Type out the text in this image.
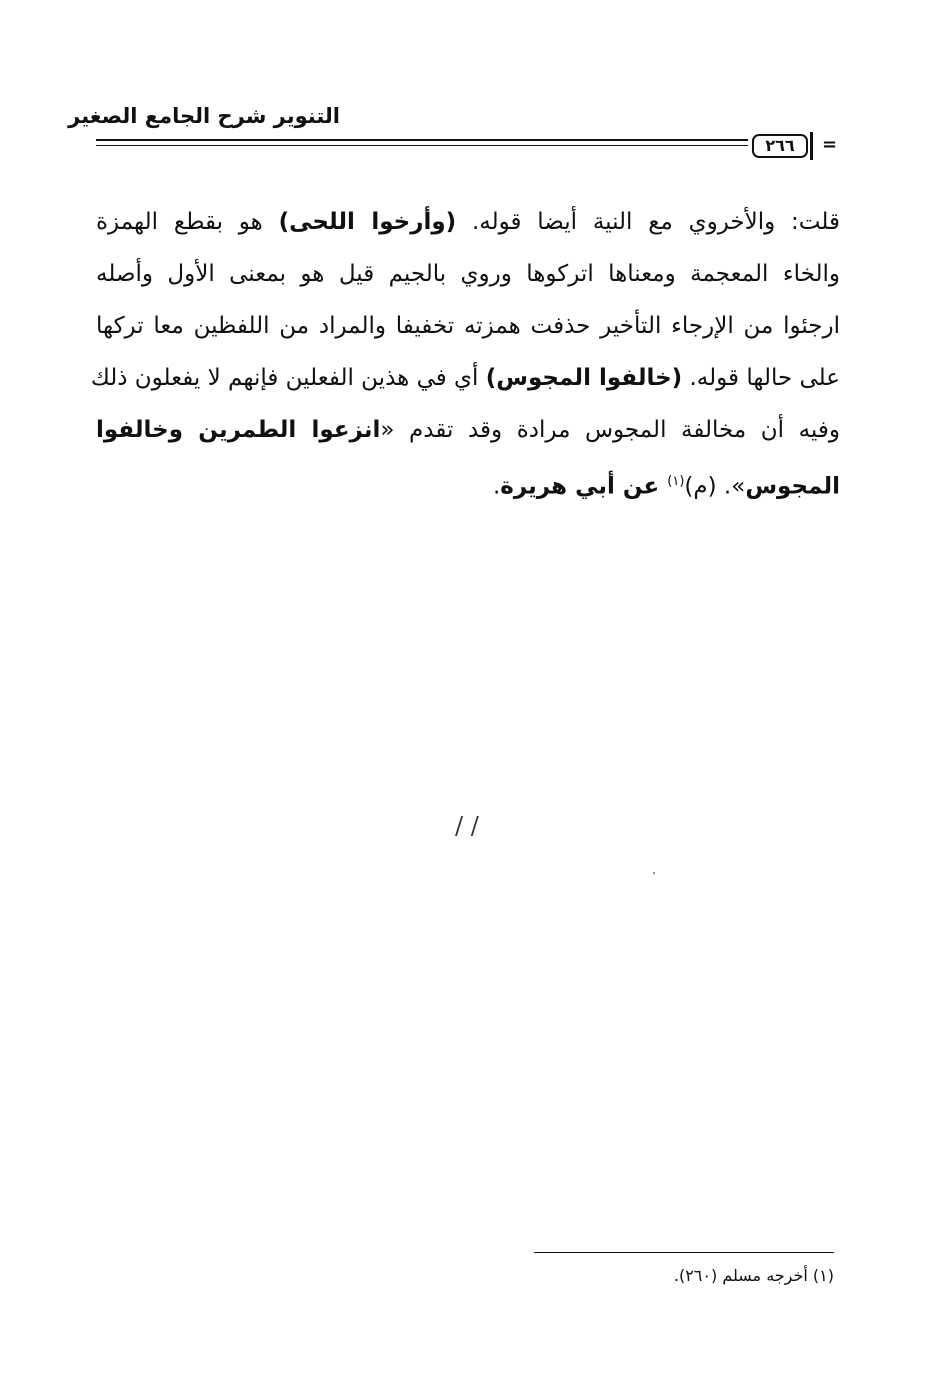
التنوير شرح الجامع الصغير
٢٦٦	=
قلت: والأخروي مع النية أيضا قوله. (وأرخوا اللحى) هو بقطع الهمزة
والخاء المعجمة ومعناها اتركوها وروي بالجيم قيل هو بمعنى الأول وأصله
ارجئوا من الإرجاء التأخير حذفت همزته تخفيفا والمراد من اللفظين معا تركها
على حالها قوله. (خالفوا المجوس) أي في هذين الفعلين فإنهم لا يفعلون ذلك
وفيه أن مخالفة المجوس مرادة وقد تقدم «انزعوا الطمرين وخالفوا
المجوس». (م)$^{(١)}$ عن أبي هريرة.
/ /
(١) أخرجه مسلم (٢٦٠).
